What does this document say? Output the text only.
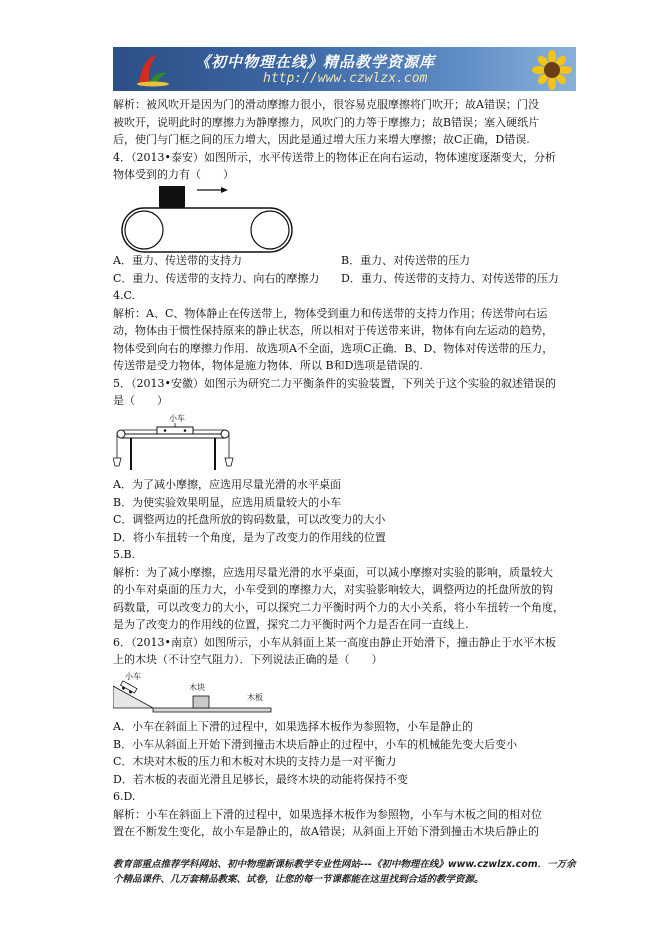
《初中物理在线》精品教学资源库
http://www.czwlzx.com
解析：被风吹开是因为门的滑动摩擦力很小，很容易克服摩擦将门吹开；故A错误；门没
被吹开，说明此时的摩擦力为静摩擦力，风吹门的力等于摩擦力；故B错误；塞入硬纸片
后，使门与门框之间的压力增大，因此是通过增大压力来增大摩擦；故C正确，D错误.
4．（2013•泰安）如图所示，水平传送带上的物体正在向右运动，物体速度逐渐变大，分析
物体受到的力有（　　）
A．重力、传送带的支持力	B．重力、对传送带的压力
C．重力、传送带的支持力、向右的摩擦力 D．重力、传送带的支持力、对传送带的压力
4.C.
解析：A、C、物体静止在传送带上，物体受到重力和传送带的支持力作用；传送带向右运
动，物体由于惯性保持原来的静止状态，所以相对于传送带来讲，物体有向左运动的趋势，
物体受到向右的摩擦力作用．故选项A不全面，选项C正确．B、D、物体对传送带的压力，
传送带是受力物体，物体是施力物体．所以 B和D选项是错误的.
5．（2013•安徽）如图示为研究二力平衡条件的实验装置，下列关于这个实验的叙述错误的
是（　　）
小车
A．为了减小摩擦，应选用尽量光滑的水平桌面
B．为使实验效果明显，应选用质量较大的小车
C．调整两边的托盘所放的钩码数量，可以改变力的大小
D．将小车扭转一个角度，是为了改变力的作用线的位置
5.B.
解析：为了减小摩擦，应选用尽量光滑的水平桌面，可以减小摩擦对实验的影响，质量较大
的小车对桌面的压力大，小车受到的摩擦力大，对实验影响较大，调整两边的托盘所放的钩
码数量，可以改变力的大小，可以探究二力平衡时两个力的大小关系，将小车扭转一个角度，
是为了改变力的作用线的位置，探究二力平衡时两个力是否在同一直线上.
6．（2013•南京）如图所示，小车从斜面上某一高度由静止开始滑下，撞击静止于水平木板
上的木块（不计空气阻力）．下列说法正确的是（　　）
小车
木块
木板
A．小车在斜面上下滑的过程中，如果选择木板作为参照物，小车是静止的
B．小车从斜面上开始下滑到撞击木块后静止的过程中，小车的机械能先变大后变小
C．木块对木板的压力和木板对木块的支持力是一对平衡力
D．若木板的表面光滑且足够长，最终木块的动能将保持不变
6.D.
解析：小车在斜面上下滑的过程中，如果选择木板作为参照物，小车与木板之间的相对位
置在不断发生变化，故小车是静止的，故A错误；从斜面上开始下滑到撞击木块后静止的
教育部重点推荐学科网站、初中物理新课标教学专业性网站---《初中物理在线》www.czwlzx.com．一万余
个精品课件、几万套精品教案、试卷，让您的每一节课都能在这里找到合适的教学资源。
